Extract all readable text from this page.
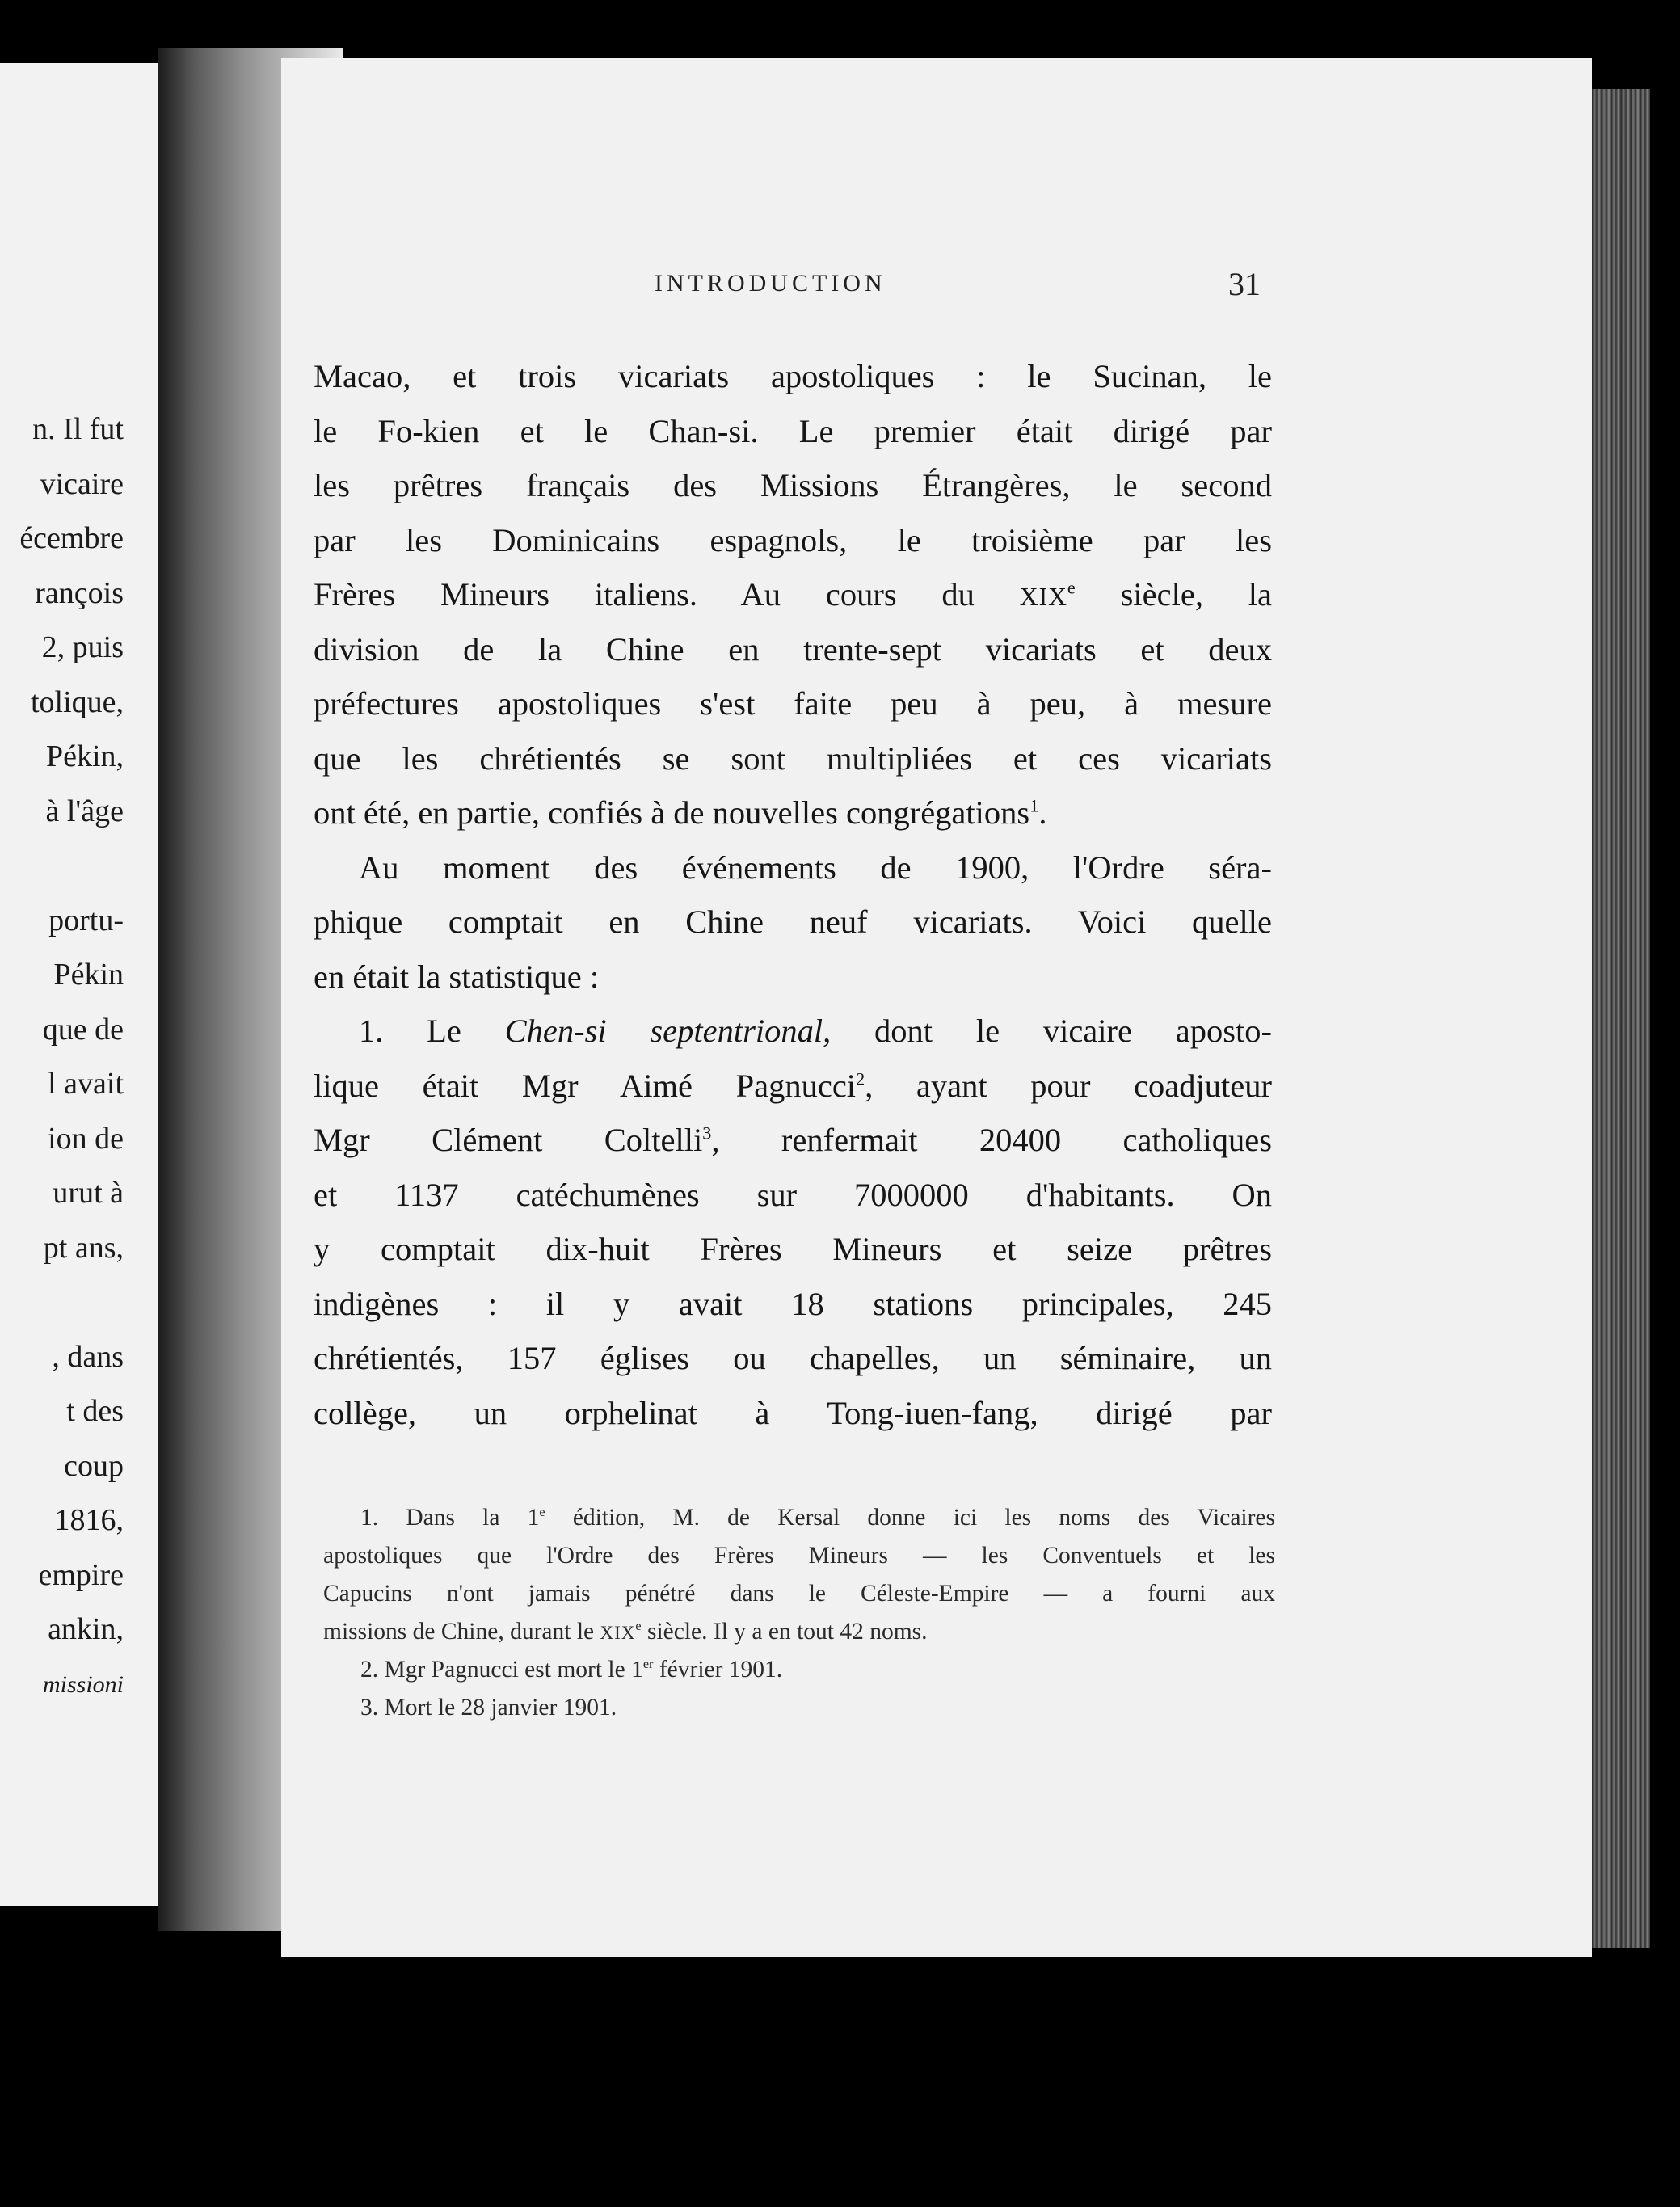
n. Il fut
vicaire
écembre
rançois
2, puis
tolique,
Pékin,
à l'âge
portu-
Pékin
que de
l avait
ion de
urut à
pt ans,
, dans
t des
coup
1816,
empire
ankin,
missioni
INTRODUCTION	31
Macao, et trois vicariats apostoliques : le Sucinan, le
le Fo-kien et le Chan-si. Le premier était dirigé par
les prêtres français des Missions Étrangères, le second
par les Dominicains espagnols, le troisième par les
Frères Mineurs italiens. Au cours du XIXe siècle, la
division de la Chine en trente-sept vicariats et deux
préfectures apostoliques s'est faite peu à peu, à mesure
que les chrétientés se sont multipliées et ces vicariats
ont été, en partie, confiés à de nouvelles congrégations$^1$.
Au moment des événements de 1900, l'Ordre séra-
phique comptait en Chine neuf vicariats. Voici quelle
en était la statistique :
1. Le Chen-si septentrional, dont le vicaire aposto-
lique était Mgr Aimé Pagnucci$^2$, ayant pour coadjuteur
Mgr Clément Coltelli$^3$, renfermait 20400 catholiques
et 1137 catéchumènes sur 7000000 d'habitants. On
y comptait dix-huit Frères Mineurs et seize prêtres
indigènes : il y avait 18 stations principales, 245
chrétientés, 157 églises ou chapelles, un séminaire, un
collège, un orphelinat à Tong-iuen-fang, dirigé par
1. Dans la 1e édition, M. de Kersal donne ici les noms des Vicaires
apostoliques que l'Ordre des Frères Mineurs — les Conventuels et les
Capucins n'ont jamais pénétré dans le Céleste-Empire — a fourni aux
missions de Chine, durant le XIXe siècle. Il y a en tout 42 noms.
2. Mgr Pagnucci est mort le 1er février 1901.
3. Mort le 28 janvier 1901.
